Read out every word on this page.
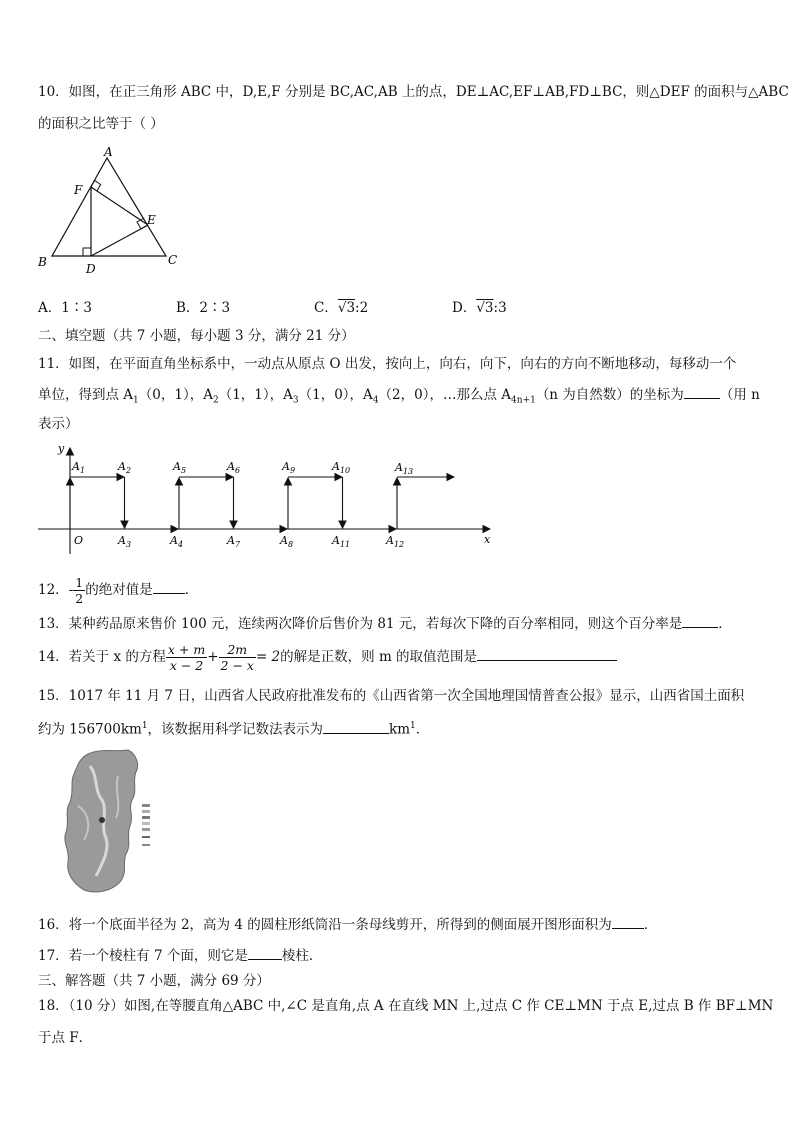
10．如图，在正三角形 ABC 中，D,E,F 分别是 BC,AC,AB 上的点，DE⊥AC,EF⊥AB,FD⊥BC，则△DEF 的面积与△ABC
的面积之比等于（ ）
A
F
E
B	D
C
A．1∶3	B．2∶3	C．√3:2	D．√3:3
二、填空题（共 7 小题，每小题 3 分，满分 21 分）
11．如图，在平面直角坐标系中，一动点从原点 O 出发，按向上，向右，向下，向右的方向不断地移动，每移动一个
单位，得到点 $A_1(0$，1），$A_2(1$，1），$A_3(1$，0），$A_4(2$，0），…那么点 $A_{4n+1}(n$ 为自然数）的坐标为	（用 n
表示）
y
x
O
$A_1$	$A_2$
$A_3$	$A_4$
$A_5$	$A_6$
$A_7$	$A_8$
$A_9$	$A_{10}$
$A_{11}$	$A_{12}$
$A_{13}$
12．- $\frac{1}{2}$ 的绝对值是 ．
13．某种药品原来售价 100 元，连续两次降价后售价为 81 元，若每次下降的百分率相同，则这个百分率是	．
14．若关于 x 的方程 $\frac{x + m}{x - 2} + \frac{2m}{2 - x} = 2$的解是正数，则 m 的取值范围是
15．1017 年 11 月 7 日，山西省人民政府批准发布的《山西省第一次全国地理国情普查公报》显示，山西省国土面积
约为 $156700km^1$，该数据用科学记数法表示为	$km^1$．
16．将一个底面半径为 2，高为 4 的圆柱形纸筒沿一条母线剪开，所得到的侧面展开图形面积为 ．
17．若一个棱柱有 7 个面，则它是	棱柱．
三、解答题（共 7 小题，满分 69 分）
18．（10 分）如图,在等腰直角△ABC 中,∠C 是直角,点 A 在直线 MN 上,过点 C 作 CE⊥MN 于点 E,过点 B 作 BF⊥MN
于点 F．
